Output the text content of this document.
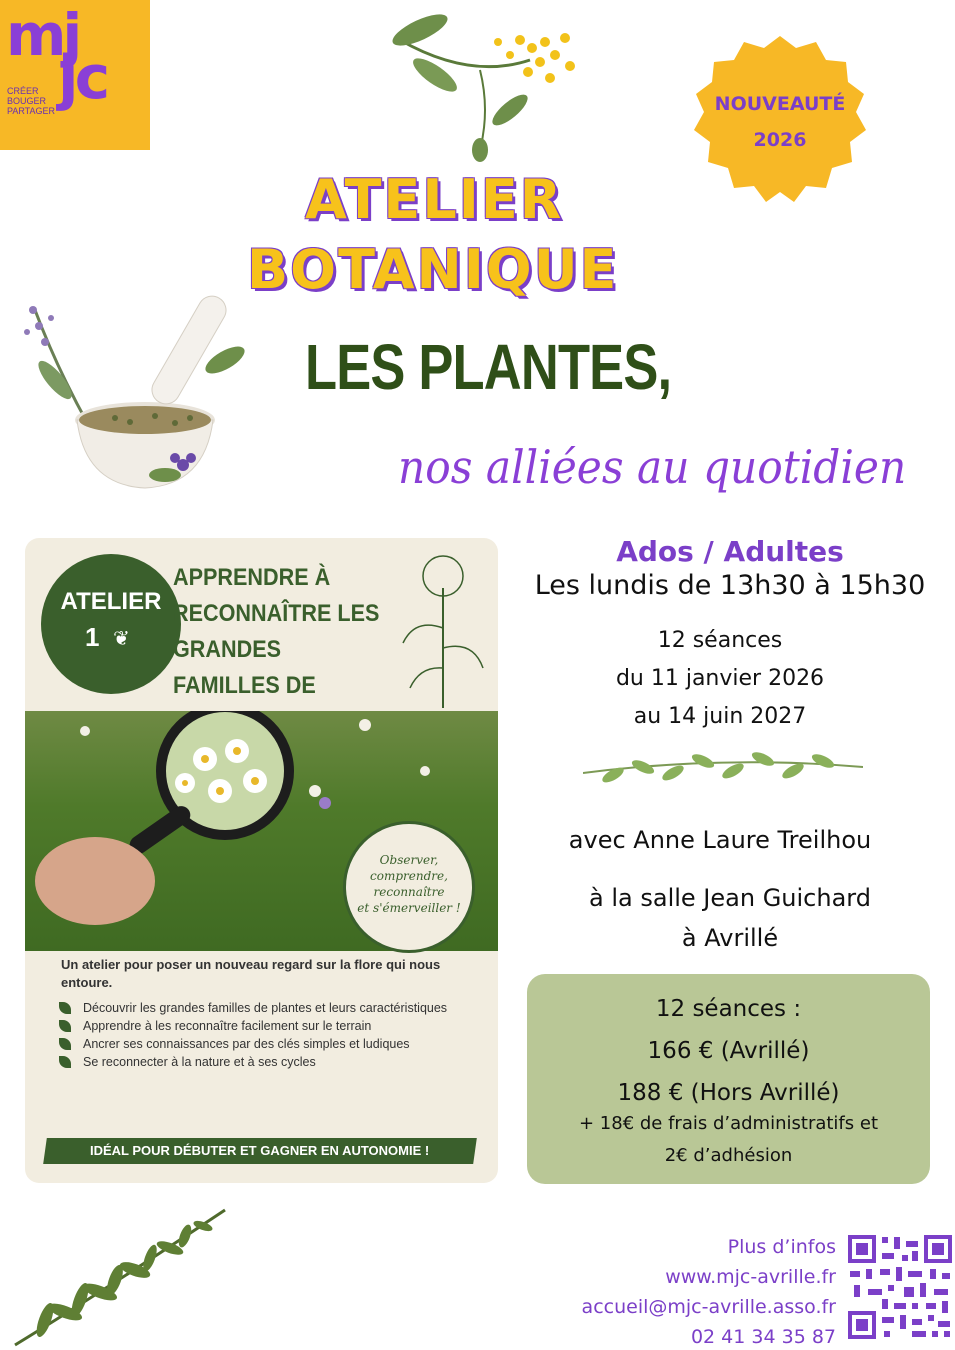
mj
jc
CRÉER
BOUGER
PARTAGER	NOUVEAUTÉ
2026
ATELIER
BOTANIQUE
LES PLANTES,
nos alliées au quotidien
ATELIER
1 ❦
APPRENDRE À RECONNAÎTRE LES GRANDES FAMILLES DE
Observer,
comprendre,
reconnaître
et s'émerveiller !
Un atelier pour poser un nouveau regard sur la flore qui nous entoure.
Découvrir les grandes familles de plantes et leurs caractéristiques
Apprendre à les reconnaître facilement sur le terrain
Ancrer ses connaissances par des clés simples et ludiques
Se reconnecter à la nature et à ses cycles
IDÉAL POUR DÉBUTER ET GAGNER EN AUTONOMIE !
Ados / Adultes
Les lundis de 13h30 à 15h30
12 séances
du 11 janvier 2026
au 14 juin 2027
avec Anne Laure Treilhou
à la salle Jean Guichard
à Avrillé
12 séances :
166 € (Avrillé)
188 € (Hors Avrillé)
+ 18€ de frais d’administratifs et
2€ d’adhésion
Plus d’infos
www.mjc-avrille.fr
accueil@mjc-avrille.asso.fr
02 41 34 35 87
